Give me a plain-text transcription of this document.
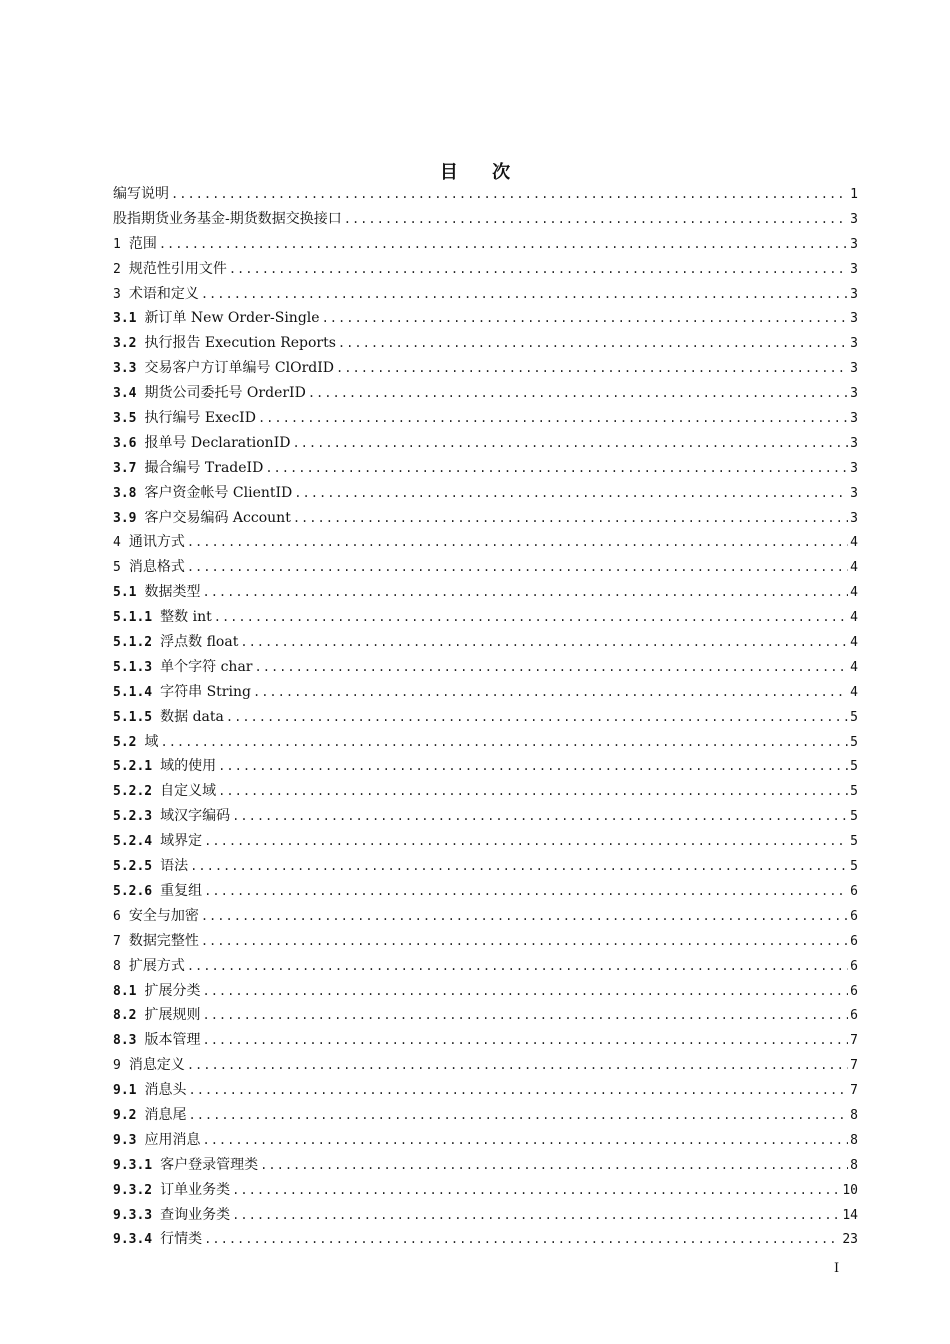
目 次
编写说明 .....	1
股指期货业务基金-期货数据交换接口 .....	3
1 范围 .....	3
2 规范性引用文件 .....	3
3 术语和定义 .....	3
3.1 新订单 New Order-Single .....	3
3.2 执行报告 Execution Reports .....	3
3.3 交易客户方订单编号 ClOrdID .....	3
3.4 期货公司委托号 OrderID .....	3
3.5 执行编号 ExecID .....	3
3.6 报单号 DeclarationID .....	3
3.7 撮合编号 TradeID .....	3
3.8 客户资金帐号 ClientID .....	3
3.9 客户交易编码 Account .....	3
4 通讯方式 .....	4
5 消息格式 .....	4
5.1 数据类型 .....	4
5.1.1 整数 int .....	4
5.1.2 浮点数 float .....	4
5.1.3 单个字符 char .....	4
5.1.4 字符串 String .....	4
5.1.5 数据 data .....	5
5.2 域 .....	5
5.2.1 域的使用 .....	5
5.2.2 自定义域 .....	5
5.2.3 域汉字编码 .....	5
5.2.4 域界定 .....	5
5.2.5 语法 .....	5
5.2.6 重复组 .....	6
6 安全与加密 .....	6
7 数据完整性 .....	6
8 扩展方式 .....	6
8.1 扩展分类 .....	6
8.2 扩展规则 .....	6
8.3 版本管理 .....	7
9 消息定义 .....	7
9.1 消息头 .....	7
9.2 消息尾 .....	8
9.3 应用消息 .....	8
9.3.1 客户登录管理类 .....	8
9.3.2 订单业务类 .....	10
9.3.3 查询业务类 .....	14
9.3.4 行情类 .....	23
I
